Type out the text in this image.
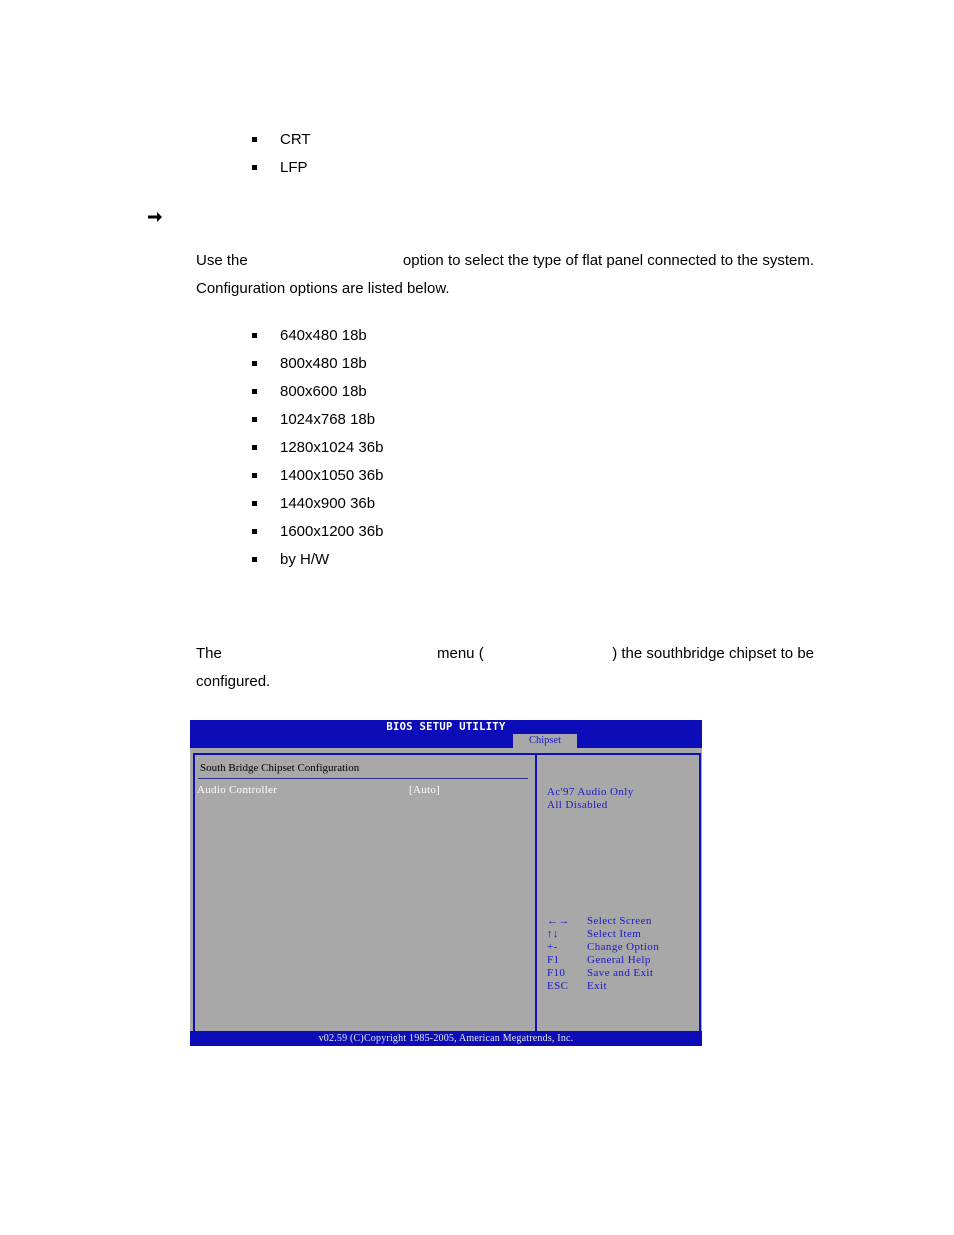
CRT
LFP
Use the	option to select the type of flat panel connected to the system.
Configuration options are listed below.
640x480 18b
800x480 18b
800x600 18b
1024x768 18b
1280x1024 36b
1400x1050 36b
1440x900 36b
1600x1200 36b
by H/W
The	menu (	) the southbridge chipset to be
configured.
BIOS SETUP UTILITY
Chipset
South Bridge Chipset Configuration
Audio Controller	[Auto]	Ac'97 Audio Only
All Disabled
←→ Select Screen
↑↓	Select Item
+-	Change Option
F1	General Help
F10 Save and Exit
ESC Exit
v02.59 (C)Copyright 1985-2005, American Megatrends, Inc.
